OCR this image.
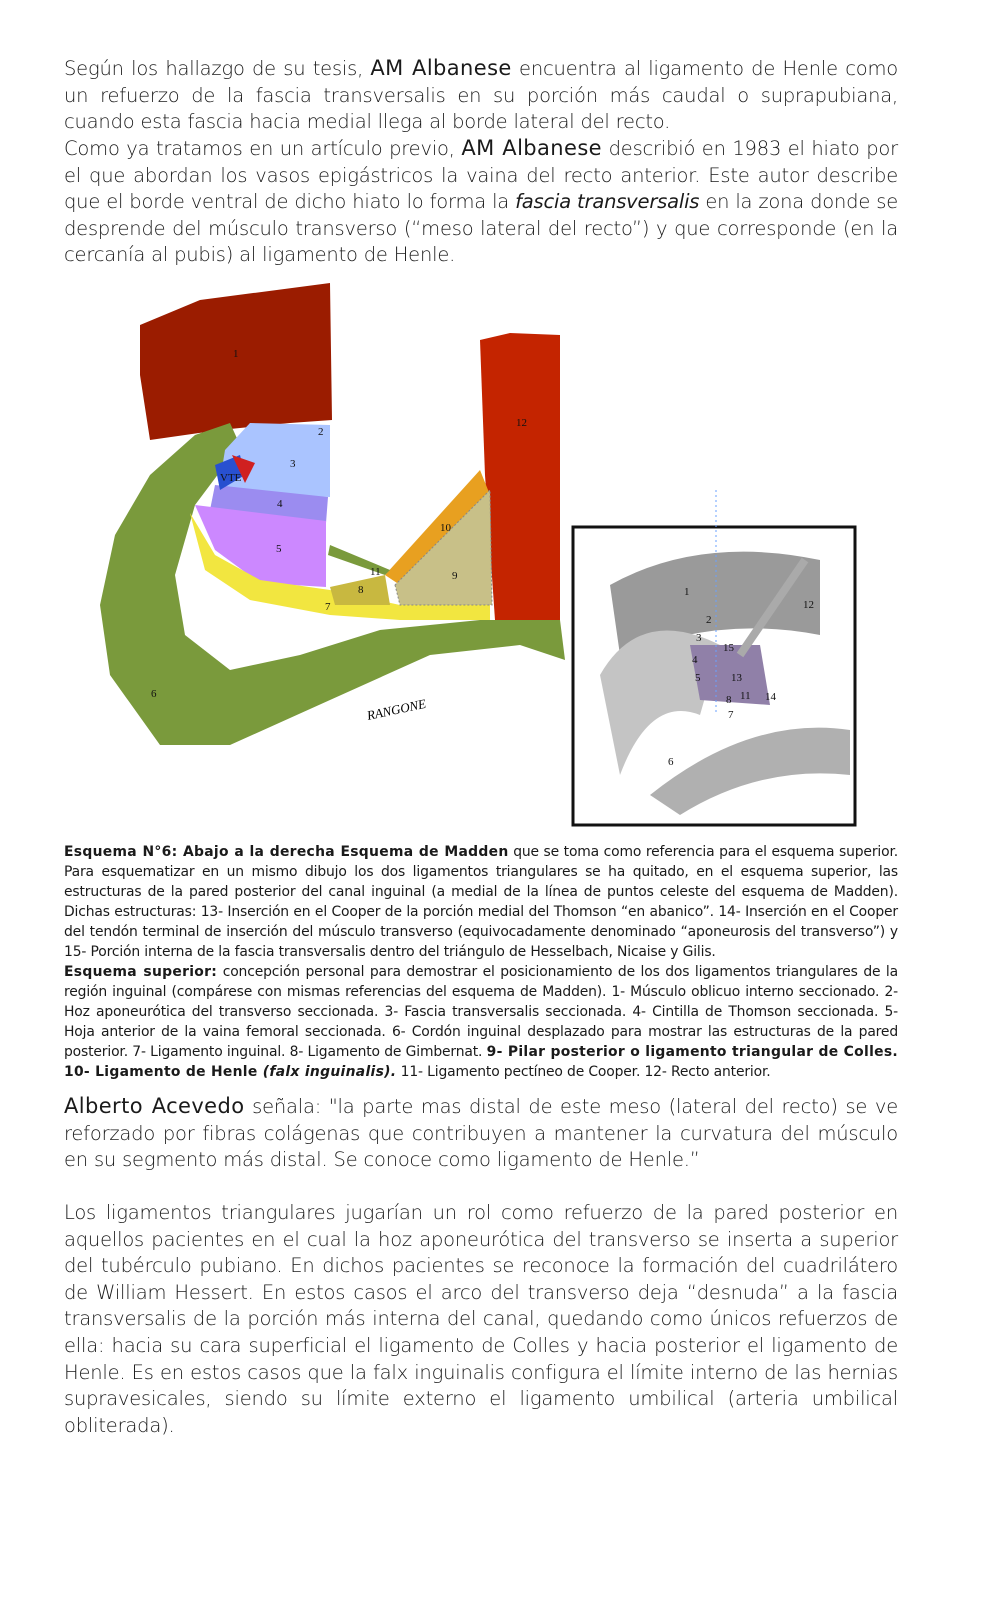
Según los hallazgo de su tesis, AM Albanese encuentra al ligamento de Henle como un refuerzo de la fascia transversalis en su porción más caudal o suprapubiana, cuando esta fascia hacia medial llega al borde lateral del recto.
Como ya tratamos en un artículo previo, AM Albanese describió en 1983 el hiato por el que abordan los vasos epigástricos la vaina del recto anterior. Este autor describe que el borde ventral de dicho hiato lo forma la fascia transversalis en la zona donde se desprende del músculo transverso (“meso lateral del recto”) y que corresponde (en la cercanía al pubis) al ligamento de Henle.
1
2
3
4
5
6
7
8
9
10
11
12
VTE
RANGONE
1
2
3
4
5
6
7
8 11
12
13
14
15
Esquema N°6: Abajo a la derecha Esquema de Madden que se toma como referencia para el esquema superior. Para esquematizar en un mismo dibujo los dos ligamentos triangulares se ha quitado, en el esquema superior, las estructuras de la pared posterior del canal inguinal (a medial de la línea de puntos celeste del esquema de Madden). Dichas estructuras: 13- Inserción en el Cooper de la porción medial del Thomson “en abanico”. 14- Inserción en el Cooper del tendón terminal de inserción del músculo transverso (equivocadamente denominado “aponeurosis del transverso”) y 15- Porción interna de la fascia transversalis dentro del triángulo de Hesselbach, Nicaise y Gilis.
Esquema superior: concepción personal para demostrar el posicionamiento de los dos ligamentos triangulares de la región inguinal (compárese con mismas referencias del esquema de Madden). 1- Músculo oblicuo interno seccionado. 2- Hoz aponeurótica del transverso seccionada. 3- Fascia transversalis seccionada. 4- Cintilla de Thomson seccionada. 5- Hoja anterior de la vaina femoral seccionada. 6- Cordón inguinal desplazado para mostrar las estructuras de la pared posterior. 7- Ligamento inguinal. 8- Ligamento de Gimbernat. 9- Pilar posterior o ligamento triangular de Colles. 10- Ligamento de Henle (falx inguinalis). 11- Ligamento pectíneo de Cooper. 12- Recto anterior.
Alberto Acevedo señala: "la parte mas distal de este meso (lateral del recto) se ve reforzado por fibras colágenas que contribuyen a mantener la curvatura del músculo en su segmento más distal. Se conoce como ligamento de Henle.”
Los ligamentos triangulares jugarían un rol como refuerzo de la pared posterior en aquellos pacientes en el cual la hoz aponeurótica del transverso se inserta a superior del tubérculo pubiano. En dichos pacientes se reconoce la formación del cuadrilátero de William Hessert. En estos casos el arco del transverso deja “desnuda” a la fascia transversalis de la porción más interna del canal, quedando como únicos refuerzos de ella: hacia su cara superficial el ligamento de Colles y hacia posterior el ligamento de Henle. Es en estos casos que la falx inguinalis configura el límite interno de las hernias supravesicales, siendo su límite externo el ligamento umbilical (arteria umbilical obliterada).
